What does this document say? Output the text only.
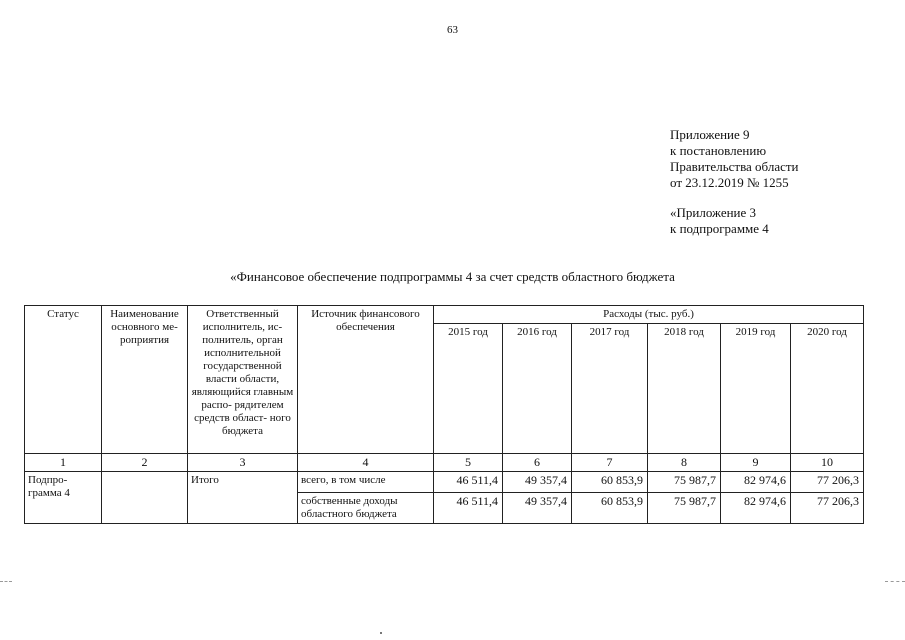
63
Приложение 9
к постановлению
Правительства области
от 23.12.2019 № 1255
«Приложение 3
к подпрограмме 4
«Финансовое обеспечение подпрограммы 4 за счет средств областного бюджета
Статус	Наименование основного ме- роприятия	Ответственный исполнитель, ис- полнитель, орган исполнительной государственной власти области, являющийся главным распо- рядителем средств област- ного бюджета	Источник финансового обеспечения	Расходы (тыс. руб.)					
				2015 год	2016 год	2017 год	2018 год	2019 год	2020 год
1	2	3	4	5	6	7	8	9	10
Подпро- грамма 4		Итого	всего, в том числе	46 511,4	49 357,4	60 853,9	75 987,7	82 974,6	77 206,3
			собственные доходы областного бюджета	46 511,4	49 357,4	60 853,9	75 987,7	82 974,6	77 206,3
